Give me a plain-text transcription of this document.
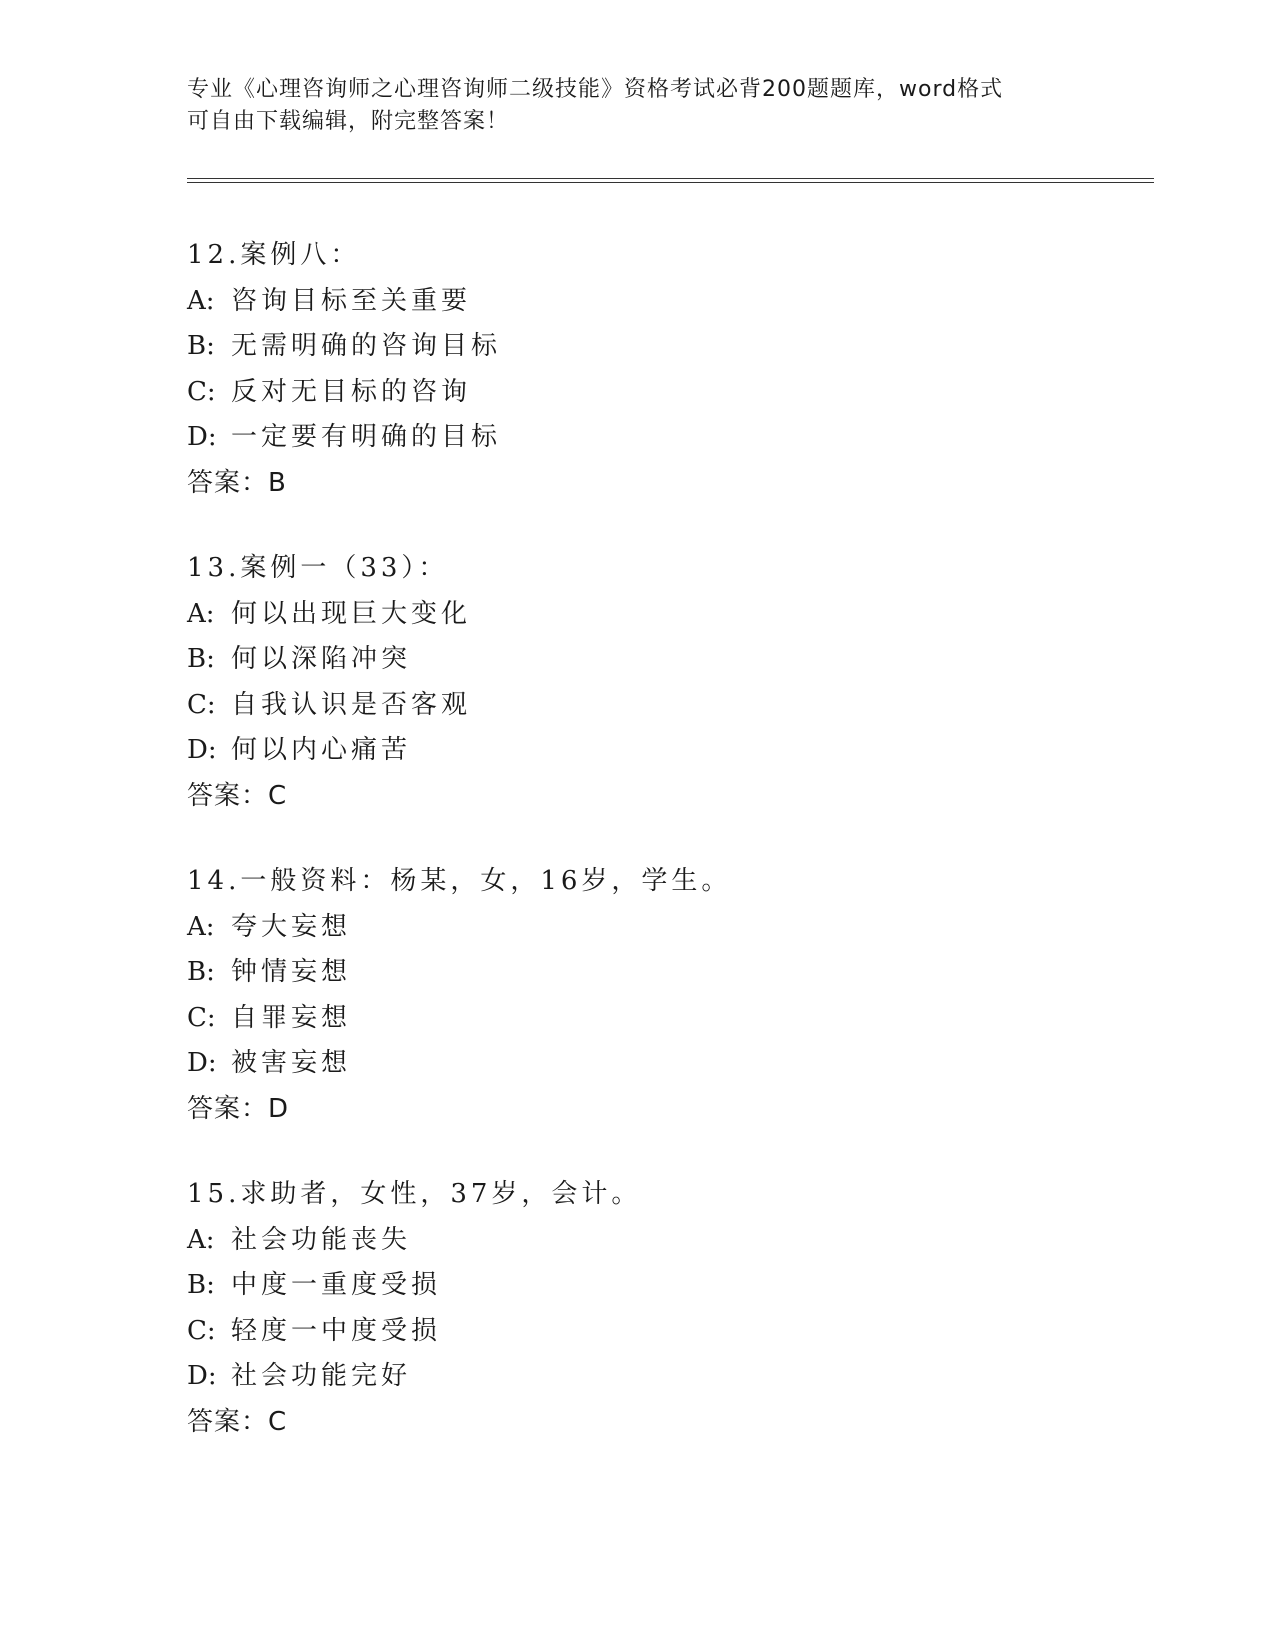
专业《心理咨询师之心理咨询师二级技能》资格考试必背200题题库，word格式
可自由下载编辑，附完整答案！
12.案例八：
A: 咨询目标至关重要
B: 无需明确的咨询目标
C: 反对无目标的咨询
D: 一定要有明确的目标
答案：B
13.案例一（33）：
A: 何以出现巨大变化
B: 何以深陷冲突
C: 自我认识是否客观
D: 何以内心痛苦
答案：C
14.一般资料：杨某，女，16岁，学生。
A: 夸大妄想
B: 钟情妄想
C: 自罪妄想
D: 被害妄想
答案：D
15.求助者，女性，37岁，会计。
A: 社会功能丧失
B: 中度一重度受损
C: 轻度一中度受损
D: 社会功能完好
答案：C
